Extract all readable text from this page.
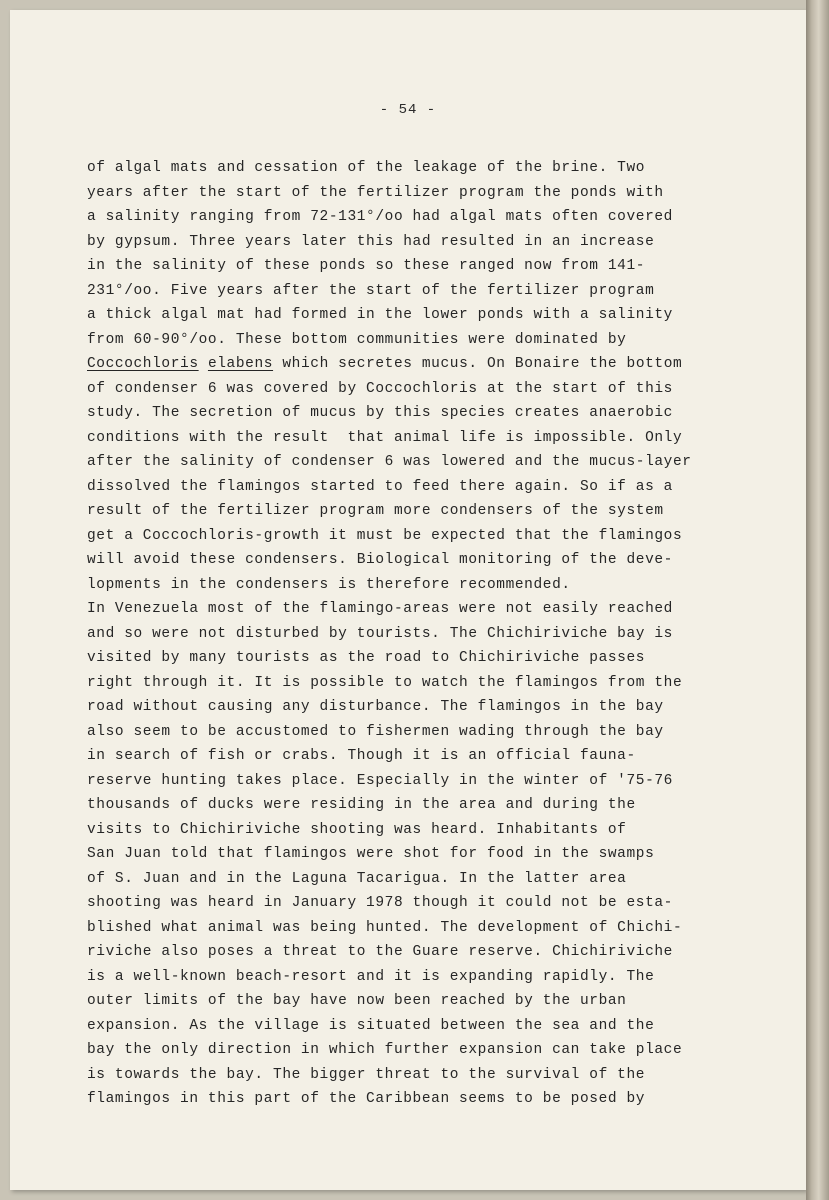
- 54 -
of algal mats and cessation of the leakage of the brine. Two
years after the start of the fertilizer program the ponds with
a salinity ranging from 72-131°/oo had algal mats often covered
by gypsum. Three years later this had resulted in an increase
in the salinity of these ponds so these ranged now from 141-
231°/oo. Five years after the start of the fertilizer program
a thick algal mat had formed in the lower ponds with a salinity
from 60-90°/oo. These bottom communities were dominated by
Coccochloris elabens which secretes mucus. On Bonaire the bottom
of condenser 6 was covered by Coccochloris at the start of this
study. The secretion of mucus by this species creates anaerobic
conditions with the result  that animal life is impossible. Only
after the salinity of condenser 6 was lowered and the mucus-layer
dissolved the flamingos started to feed there again. So if as a
result of the fertilizer program more condensers of the system
get a Coccochloris-growth it must be expected that the flamingos
will avoid these condensers. Biological monitoring of the deve-
lopments in the condensers is therefore recommended.
In Venezuela most of the flamingo-areas were not easily reached
and so were not disturbed by tourists. The Chichiriviche bay is
visited by many tourists as the road to Chichiriviche passes
right through it. It is possible to watch the flamingos from the
road without causing any disturbance. The flamingos in the bay
also seem to be accustomed to fishermen wading through the bay
in search of fish or crabs. Though it is an official fauna-
reserve hunting takes place. Especially in the winter of '75-76
thousands of ducks were residing in the area and during the
visits to Chichiriviche shooting was heard. Inhabitants of
San Juan told that flamingos were shot for food in the swamps
of S. Juan and in the Laguna Tacarigua. In the latter area
shooting was heard in January 1978 though it could not be esta-
blished what animal was being hunted. The development of Chichi-
riviche also poses a threat to the Guare reserve. Chichiriviche
is a well-known beach-resort and it is expanding rapidly. The
outer limits of the bay have now been reached by the urban
expansion. As the village is situated between the sea and the
bay the only direction in which further expansion can take place
is towards the bay. The bigger threat to the survival of the
flamingos in this part of the Caribbean seems to be posed by
